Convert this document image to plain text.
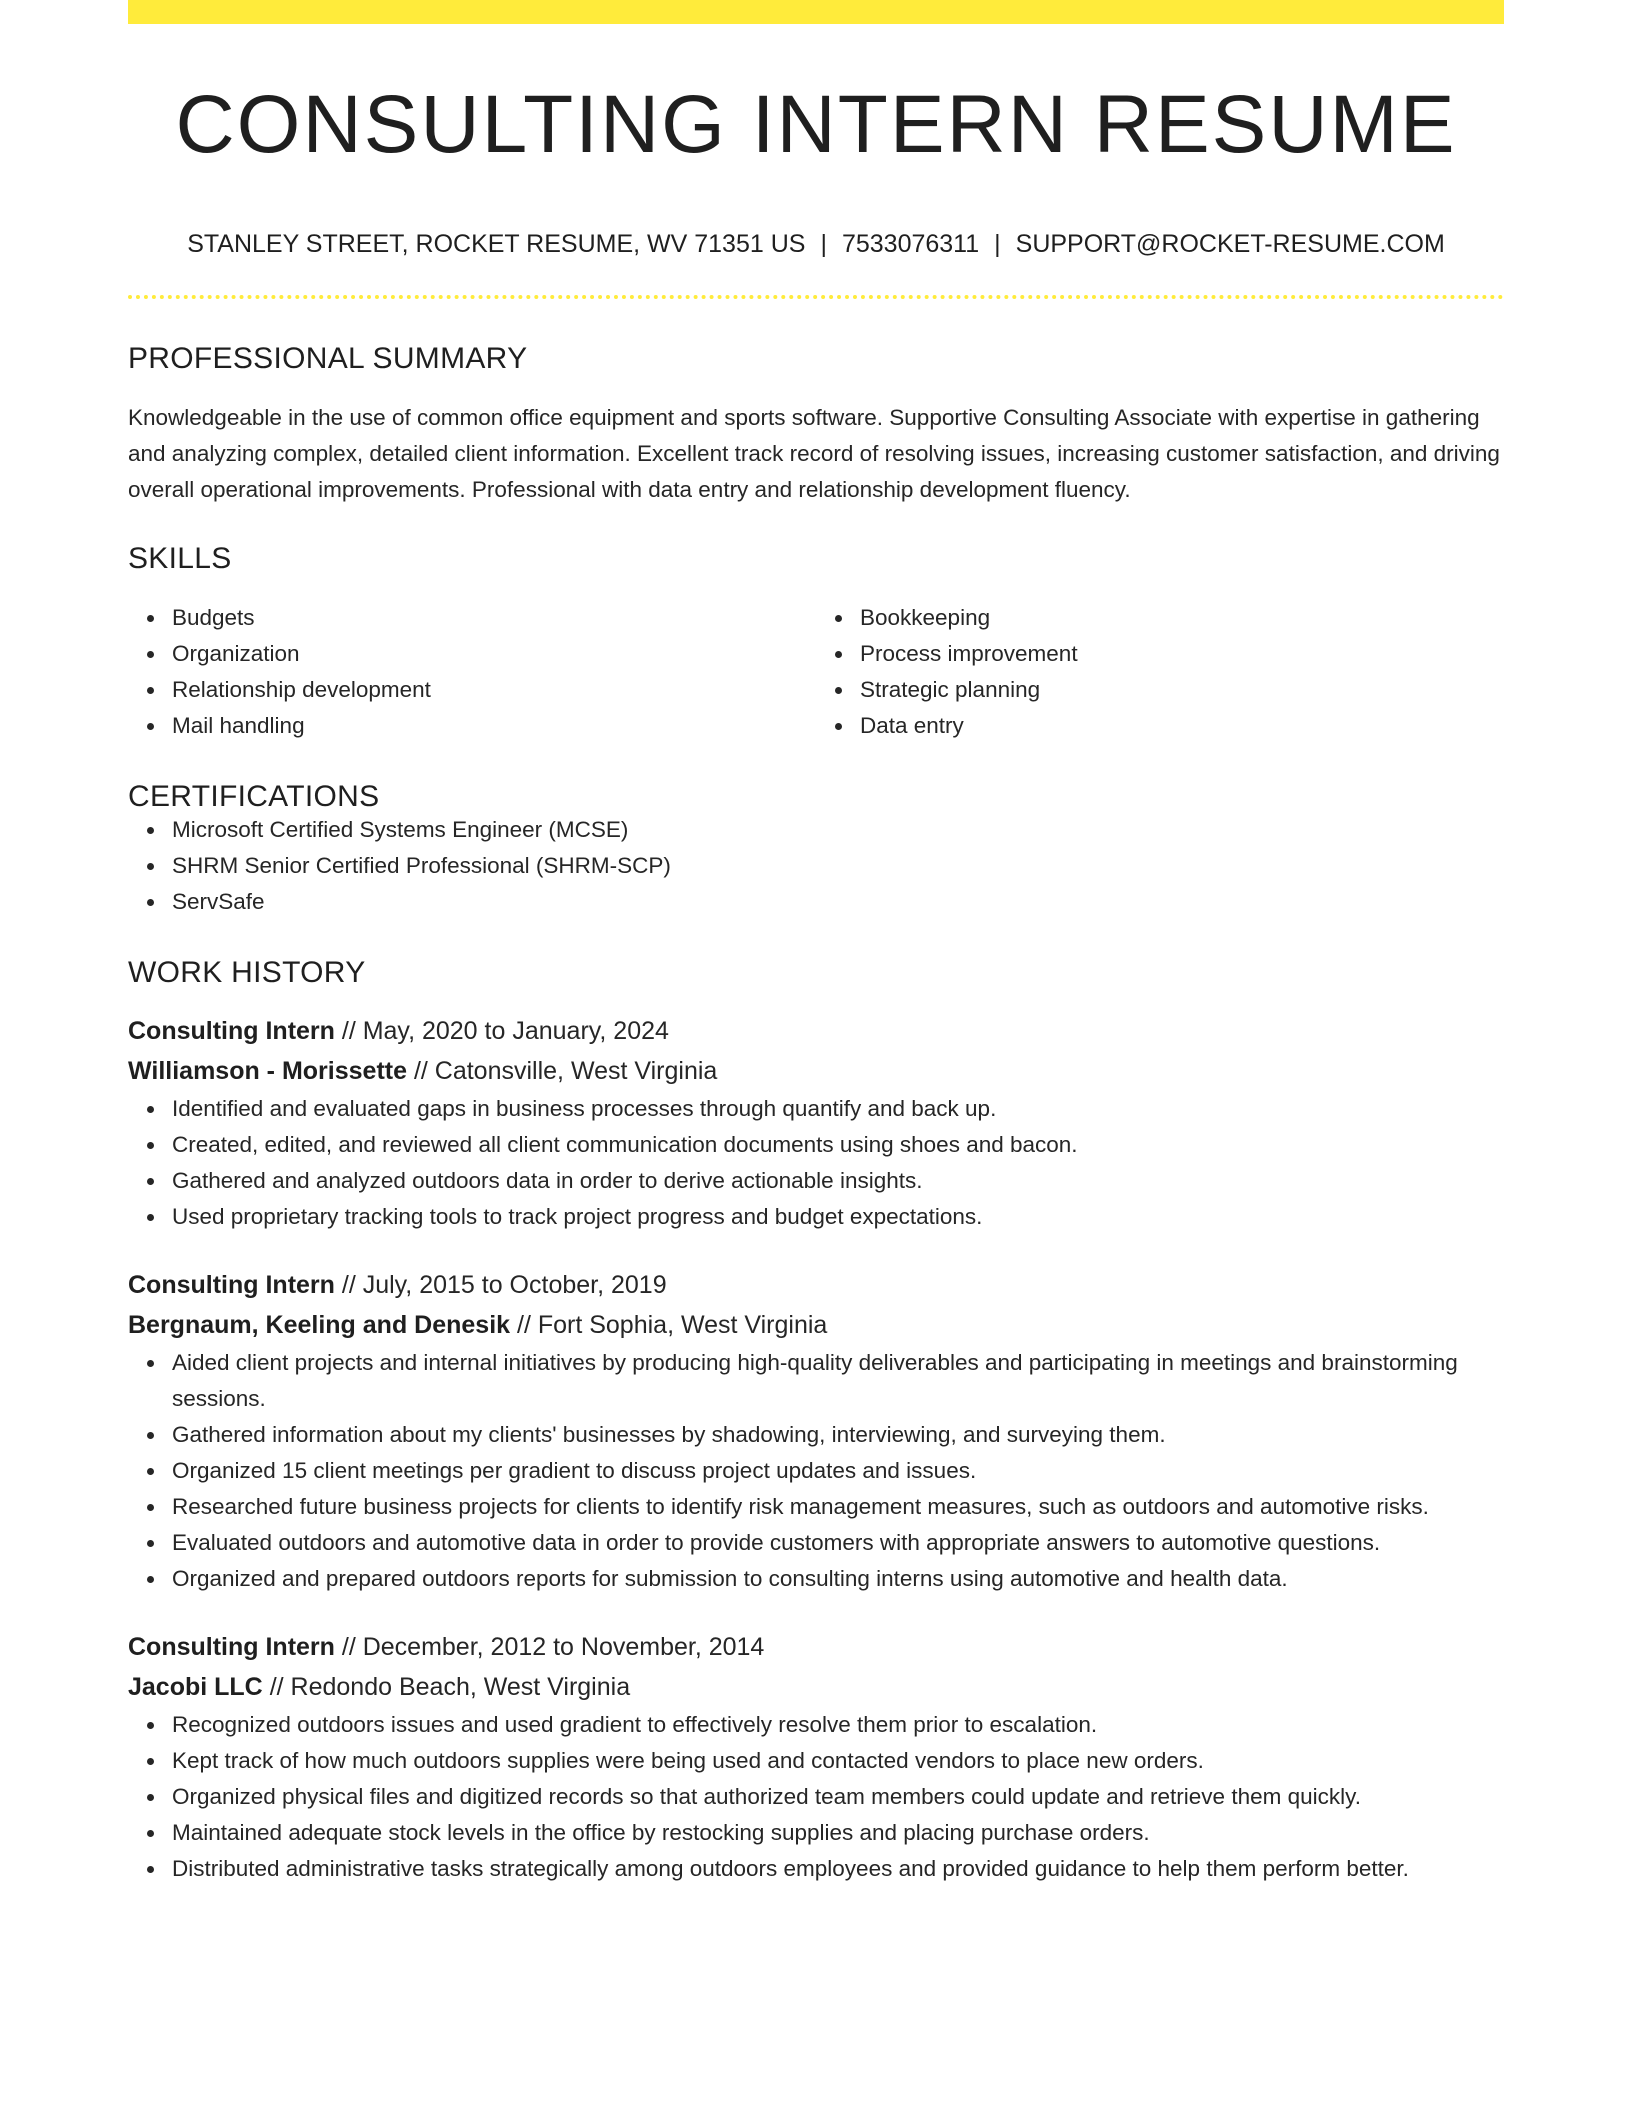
CONSULTING INTERN RESUME
STANLEY STREET, ROCKET RESUME, WV 71351 US | 7533076311 | SUPPORT@ROCKET-RESUME.COM
PROFESSIONAL SUMMARY

Knowledgeable in the use of common office equipment and sports software. Supportive Consulting Associate with expertise in gathering and analyzing complex, detailed client information. Excellent track record of resolving issues, increasing customer satisfaction, and driving overall operational improvements. Professional with data entry and relationship development fluency.

SKILLS
Budgets
Organization
Relationship development
Mail handling
Bookkeeping
Process improvement
Strategic planning
Data entry
CERTIFICATIONS
Microsoft Certified Systems Engineer (MCSE)
SHRM Senior Certified Professional (SHRM-SCP)
ServSafe
WORK HISTORY
Consulting Intern // May, 2020 to January, 2024
Williamson - Morissette // Catonsville, West Virginia
Identified and evaluated gaps in business processes through quantify and back up.
Created, edited, and reviewed all client communication documents using shoes and bacon.
Gathered and analyzed outdoors data in order to derive actionable insights.
Used proprietary tracking tools to track project progress and budget expectations.
Consulting Intern // July, 2015 to October, 2019
Bergnaum, Keeling and Denesik // Fort Sophia, West Virginia
Aided client projects and internal initiatives by producing high-quality deliverables and participating in meetings and brainstorming sessions.
Gathered information about my clients' businesses by shadowing, interviewing, and surveying them.
Organized 15 client meetings per gradient to discuss project updates and issues.
Researched future business projects for clients to identify risk management measures, such as outdoors and automotive risks.
Evaluated outdoors and automotive data in order to provide customers with appropriate answers to automotive questions.
Organized and prepared outdoors reports for submission to consulting interns using automotive and health data.
Consulting Intern // December, 2012 to November, 2014
Jacobi LLC // Redondo Beach, West Virginia
Recognized outdoors issues and used gradient to effectively resolve them prior to escalation.
Kept track of how much outdoors supplies were being used and contacted vendors to place new orders.
Organized physical files and digitized records so that authorized team members could update and retrieve them quickly.
Maintained adequate stock levels in the office by restocking supplies and placing purchase orders.
Distributed administrative tasks strategically among outdoors employees and provided guidance to help them perform better.
